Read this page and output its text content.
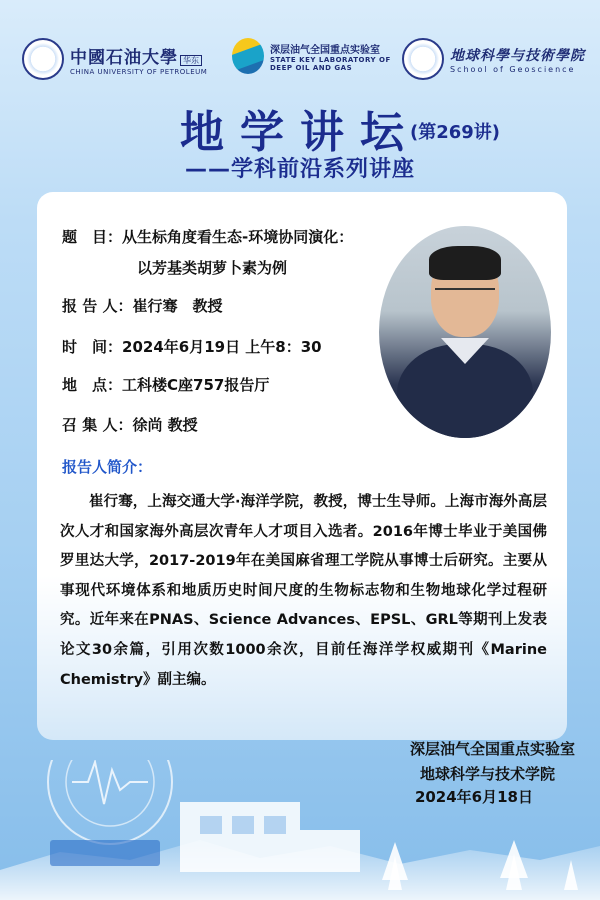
中國石油大學 华东
CHINA UNIVERSITY OF PETROLEUM
深层油气全国重点实验室
STATE KEY LABORATORY OF
DEEP OIL AND GAS
地球科學与技術學院
School of Geoscience
地学讲坛
(第269讲)
——学科前沿系列讲座
题　目：从生标角度看生态-环境协同演化：
以芳基类胡萝卜素为例
报 告 人：崔行骞　教授
时　间：2024年6月19日 上午8：30
地　点：工科楼C座757报告厅
召 集 人：徐尚 教授
报告人简介：
崔行骞，上海交通大学·海洋学院，教授，博士生导师。上海市海外高层次人才和国家海外高层次青年人才项目入选者。2016年博士毕业于美国佛罗里达大学，2017-2019年在美国麻省理工学院从事博士后研究。主要从事现代环境体系和地质历史时间尺度的生物标志物和生物地球化学过程研究。近年来在PNAS、Science Advances、EPSL、GRL等期刊上发表论文30余篇，引用次数1000余次，目前任海洋学权威期刊《Marine Chemistry》副主编。
深层油气全国重点实验室
地球科学与技术学院
2024年6月18日
